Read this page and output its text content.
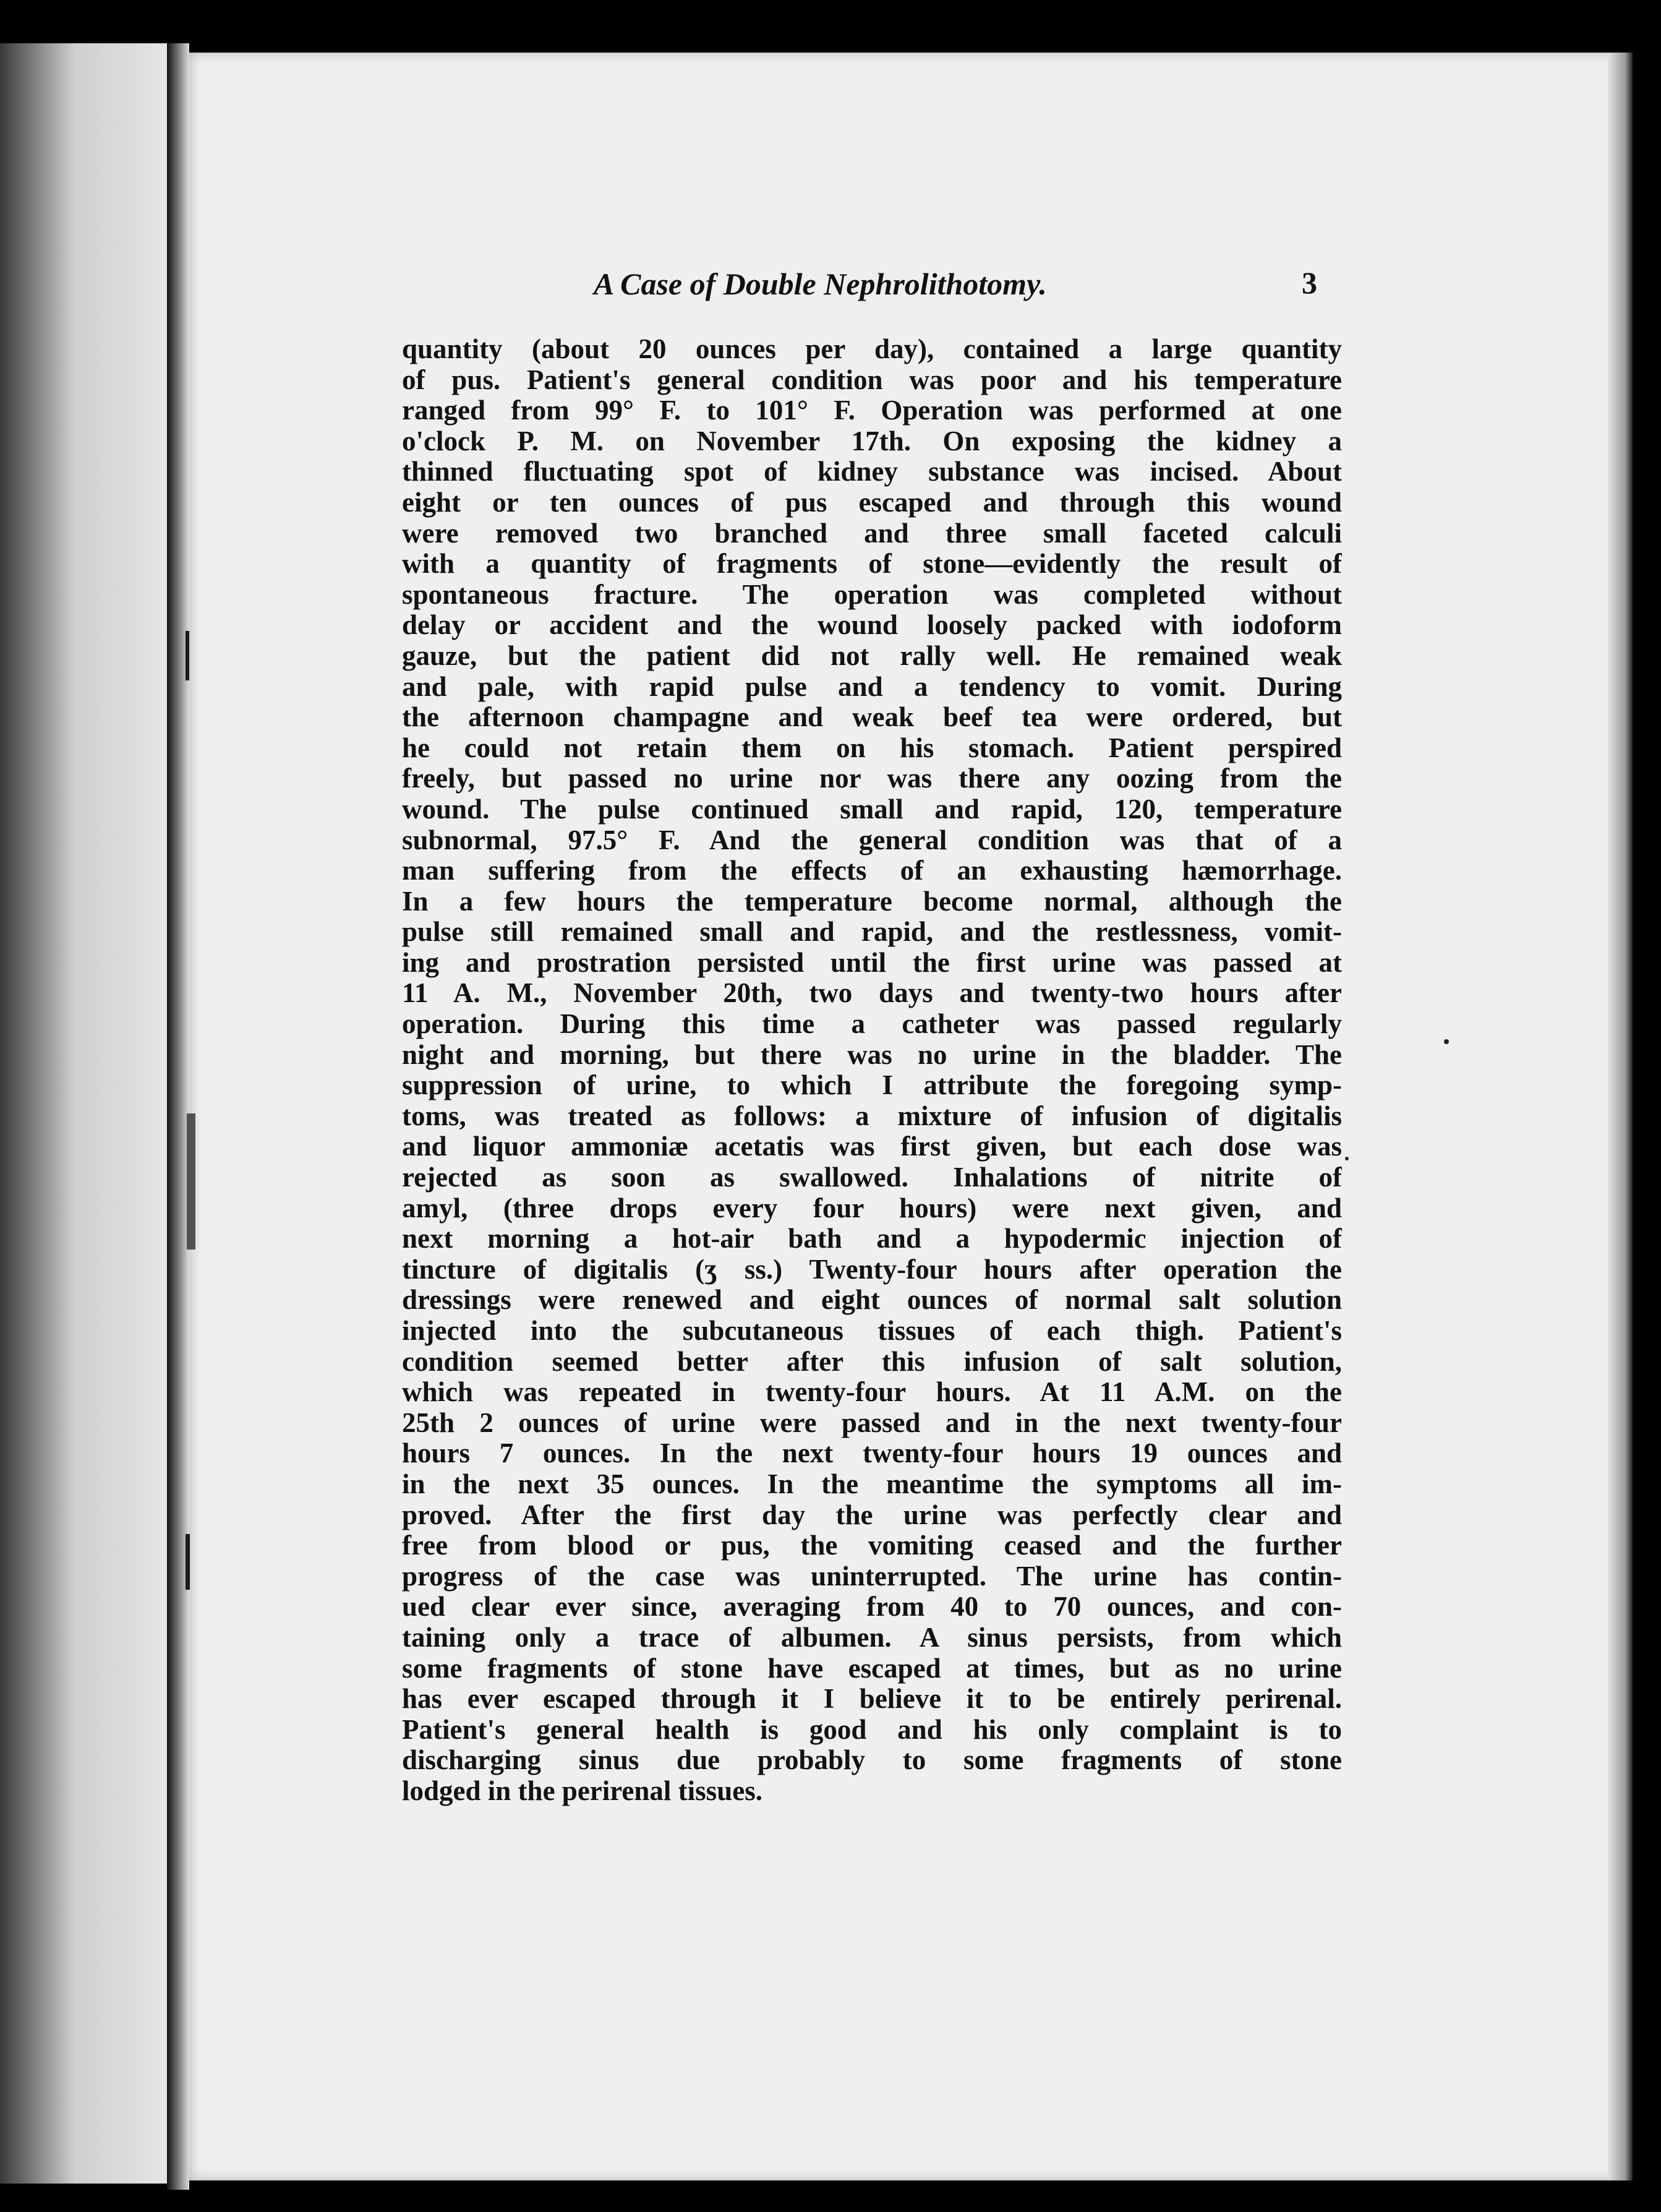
A Case of Double Nephrolithotomy.	3
quantity (about 20 ounces per day), contained a large quantity
of pus. Patient's general condition was poor and his temperature
ranged from 99° F. to 101° F. Operation was performed at one
o'clock P. M. on November 17th. On exposing the kidney a
thinned fluctuating spot of kidney substance was incised. About
eight or ten ounces of pus escaped and through this wound
were removed two branched and three small faceted calculi
with a quantity of fragments of stone—evidently the result of
spontaneous fracture. The operation was completed without
delay or accident and the wound loosely packed with iodoform
gauze, but the patient did not rally well. He remained weak
and pale, with rapid pulse and a tendency to vomit. During
the afternoon champagne and weak beef tea were ordered, but
he could not retain them on his stomach. Patient perspired
freely, but passed no urine nor was there any oozing from the
wound. The pulse continued small and rapid, 120, temperature
subnormal, 97.5° F. And the general condition was that of a
man suffering from the effects of an exhausting hæmorrhage.
In a few hours the temperature become normal, although the
pulse still remained small and rapid, and the restlessness, vomit-
ing and prostration persisted until the first urine was passed at
11 A. M., November 20th, two days and twenty-two hours after
operation. During this time a catheter was passed regularly
night and morning, but there was no urine in the bladder. The
suppression of urine, to which I attribute the foregoing symp-
toms, was treated as follows: a mixture of infusion of digitalis
and liquor ammoniæ acetatis was first given, but each dose was
rejected as soon as swallowed. Inhalations of nitrite of
amyl, (three drops every four hours) were next given, and
next morning a hot-air bath and a hypodermic injection of
tincture of digitalis (ʒ ss.) Twenty-four hours after operation the
dressings were renewed and eight ounces of normal salt solution
injected into the subcutaneous tissues of each thigh. Patient's
condition seemed better after this infusion of salt solution,
which was repeated in twenty-four hours. At 11 A.M. on the
25th 2 ounces of urine were passed and in the next twenty-four
hours 7 ounces. In the next twenty-four hours 19 ounces and
in the next 35 ounces. In the meantime the symptoms all im-
proved. After the first day the urine was perfectly clear and
free from blood or pus, the vomiting ceased and the further
progress of the case was uninterrupted. The urine has contin-
ued clear ever since, averaging from 40 to 70 ounces, and con-
taining only a trace of albumen. A sinus persists, from which
some fragments of stone have escaped at times, but as no urine
has ever escaped through it I believe it to be entirely perirenal.
Patient's general health is good and his only complaint is to
discharging sinus due probably to some fragments of stone
lodged in the perirenal tissues.
